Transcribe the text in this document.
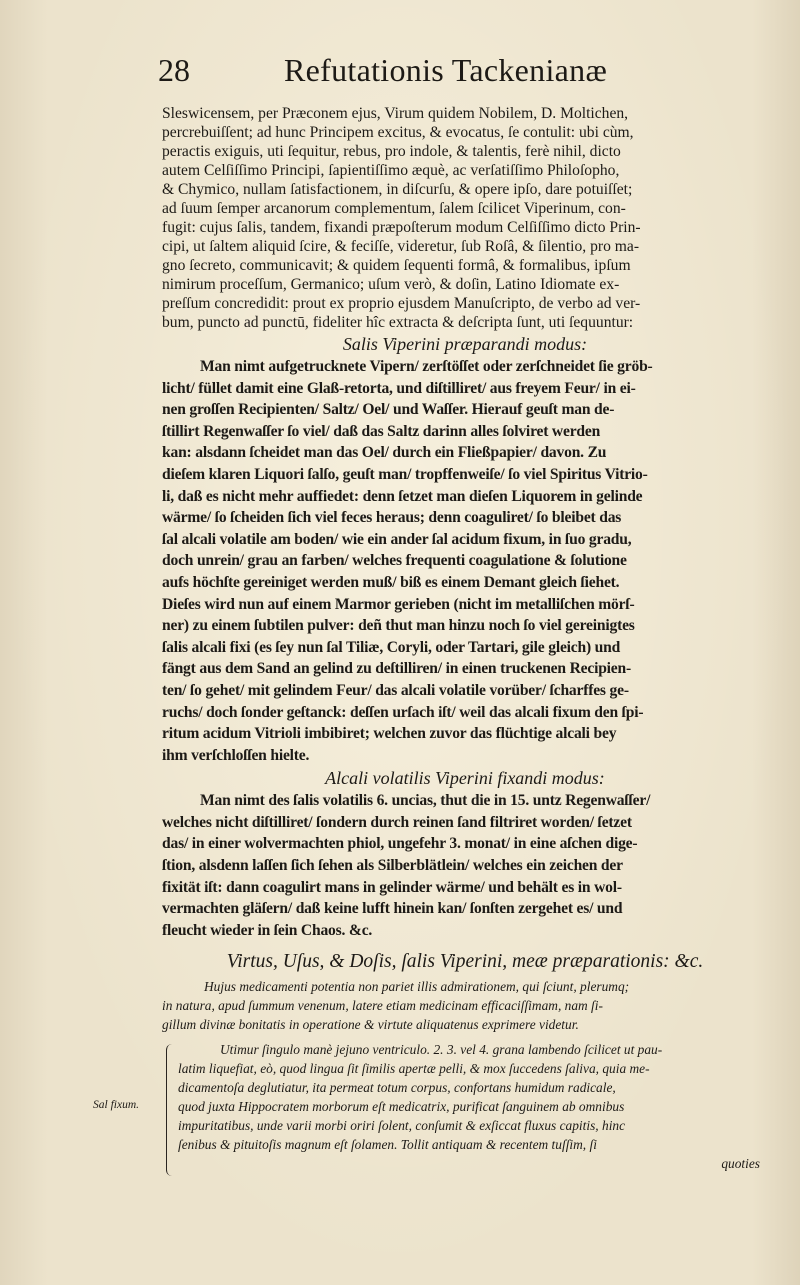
28	Refutationis Tackenianæ
Sleswicensem, per Præconem ejus, Virum quidem Nobilem, D. Moltichen,
percrebuiſſent; ad hunc Principem excitus, & evocatus, ſe contulit: ubi cùm,
peractis exiguis, uti ſequitur, rebus, pro indole, & talentis, ferè nihil, dicto
autem Celſiſſimo Principi, ſapientiſſimo æquè, ac verſatiſſimo Philoſopho,
& Chymico, nullam ſatisfactionem, in diſcurſu, & opere ipſo, dare potuiſſet;
ad ſuum ſemper arcanorum complementum, ſalem ſcilicet Viperinum, con-
fugit: cujus ſalis, tandem, fixandi præpoſterum modum Celſiſſimo dicto Prin-
cipi, ut ſaltem aliquid ſcire, & feciſſe, videretur, ſub Roſâ, & ſilentio, pro ma-
gno ſecreto, communicavit; & quidem ſequenti formâ, & formalibus, ipſum
nimirum proceſſum, Germanico; uſum verò, & doſin, Latino Idiomate ex-
preſſum concredidit: prout ex proprio ejusdem Manuſcripto, de verbo ad ver-
bum, puncto ad punctū, fideliter hîc extracta & deſcripta ſunt, uti ſequuntur:
Salis Viperini præparandi modus:
Man nimt aufgetrucknete Vipern/ zerſtöſſet oder zerſchneidet ſie gröb-
licht/ füllet damit eine Glaß-retorta, und diſtilliret/ aus freyem Feur/ in ei-
nen groſſen Recipienten/ Saltz/ Oel/ und Waſſer. Hierauf geuſt man de-
ſtillirt Regenwaſſer ſo viel/ daß das Saltz darinn alles ſolviret werden
kan: alsdann ſcheidet man das Oel/ durch ein Fließpapier/ davon. Zu
dieſem klaren Liquori ſalſo, geuſt man/ tropffenweiſe/ ſo viel Spiritus Vitrio-
li, daß es nicht mehr auffiedet: denn ſetzet man dieſen Liquorem in gelinde
wärme/ ſo ſcheiden ſich viel feces heraus; denn coaguliret/ ſo bleibet das
ſal alcali volatile am boden/ wie ein ander ſal acidum fixum, in ſuo gradu,
doch unrein/ grau an farben/ welches frequenti coagulatione & ſolutione
aufs höchſte gereiniget werden muß/ biß es einem Demant gleich ſiehet.
Dieſes wird nun auf einem Marmor gerieben (nicht im metalliſchen mörſ-
ner) zu einem ſubtilen pulver: deñ thut man hinzu noch ſo viel gereinigtes
ſalis alcali fixi (es ſey nun ſal Tiliæ, Coryli, oder Tartari, gile gleich) und
fängt aus dem Sand an gelind zu deſtilliren/ in einen truckenen Recipien-
ten/ ſo gehet/ mit gelindem Feur/ das alcali volatile vorüber/ ſcharffes ge-
ruchs/ doch ſonder geſtanck: deſſen urſach iſt/ weil das alcali fixum den ſpi-
ritum acidum Vitrioli imbibiret; welchen zuvor das flüchtige alcali bey
ihm verſchloſſen hielte.
Alcali volatilis Viperini fixandi modus:
Man nimt des ſalis volatilis 6. uncias, thut die in 15. untz Regenwaſſer/
welches nicht diſtilliret/ ſondern durch reinen ſand filtriret worden/ ſetzet
das/ in einer wolvermachten phiol, ungefehr 3. monat/ in eine aſchen dige-
ſtion, alsdenn laſſen ſich ſehen als Silberblätlein/ welches ein zeichen der
fixität iſt: dann coagulirt mans in gelinder wärme/ und behält es in wol-
vermachten gläſern/ daß keine lufft hinein kan/ ſonſten zergehet es/ und
fleucht wieder in ſein Chaos. &c.
Virtus, Uſus, & Doſis, ſalis Viperini, meæ præparationis: &c.
Hujus medicamenti potentia non pariet illis admirationem, qui ſciunt, plerumq;
in natura, apud ſummum venenum, latere etiam medicinam efficaciſſimam, nam ſi-
gillum divinæ bonitatis in operatione & virtute aliquatenus exprimere videtur.
Utimur ſingulo manè jejuno ventriculo. 2. 3. vel 4. grana lambendo ſcilicet ut pau-
latim liquefiat, eò, quod lingua ſit ſimilis apertæ pelli, & mox ſuccedens ſaliva, quia me-
dicamentoſa deglutiatur, ita permeat totum corpus, confortans humidum radicale,
quod juxta Hippocratem morborum eſt medicatrix, purificat ſanguinem ab omnibus
impuritatibus, unde varii morbi oriri ſolent, conſumit & exſiccat fluxus capitis, hinc
ſenibus & pituitoſis magnum eſt ſolamen. Tollit antiquam & recentem tuſſim, ſi
quoties
Sal fixum.
